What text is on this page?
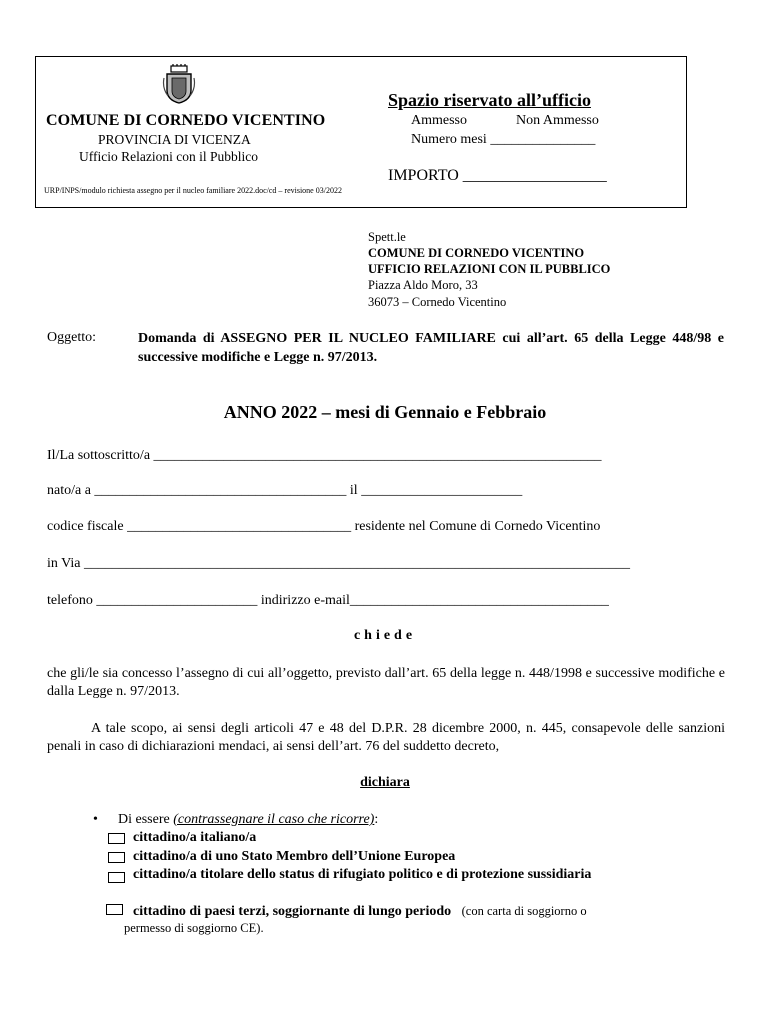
COMUNE DI CORNEDO VICENTINO
PROVINCIA DI VICENZA
Ufficio Relazioni con il Pubblico
URP/INPS/modulo richiesta assegno per il nucleo familiare 2022.doc/cd – revisione 03/2022
Spazio riservato all’ufficio
Ammesso	Non Ammesso
Numero mesi _______________
IMPORTO __________________
Spett.le
COMUNE DI CORNEDO VICENTINO
UFFICIO RELAZIONI CON IL PUBBLICO
Piazza Aldo Moro, 33
36073 – Cornedo Vicentino
Oggetto:	Domanda di ASSEGNO PER IL NUCLEO FAMILIARE cui all’art. 65 della Legge 448/98 e successive modifiche e Legge n. 97/2013.
ANNO 2022 – mesi di Gennaio e Febbraio
Il/La sottoscritto/a ________________________________________________________________
nato/a a ____________________________________ il _______________________
codice fiscale ________________________________ residente nel Comune di Cornedo Vicentino
in Via ______________________________________________________________________________
telefono _______________________ indirizzo e-mail_____________________________________
chiede
che gli/le sia concesso l’assegno di cui all’oggetto, previsto dall’art. 65 della legge n. 448/1998 e successive modifiche e dalla Legge n. 97/2013.
A tale scopo, ai sensi degli articoli 47 e 48 del D.P.R. 28 dicembre 2000, n. 445, consapevole delle sanzioni penali in caso di dichiarazioni mendaci, ai sensi dell’art. 76 del suddetto decreto,
dichiara
• Di essere (contrassegnare il caso che ricorre):
cittadino/a italiano/a
cittadino/a di uno Stato Membro dell’Unione Europea
cittadino/a titolare dello status di rifugiato politico e di protezione sussidiaria
cittadino di paesi terzi, soggiornante di lungo periodo (con carta di soggiorno o
permesso di soggiorno CE).
